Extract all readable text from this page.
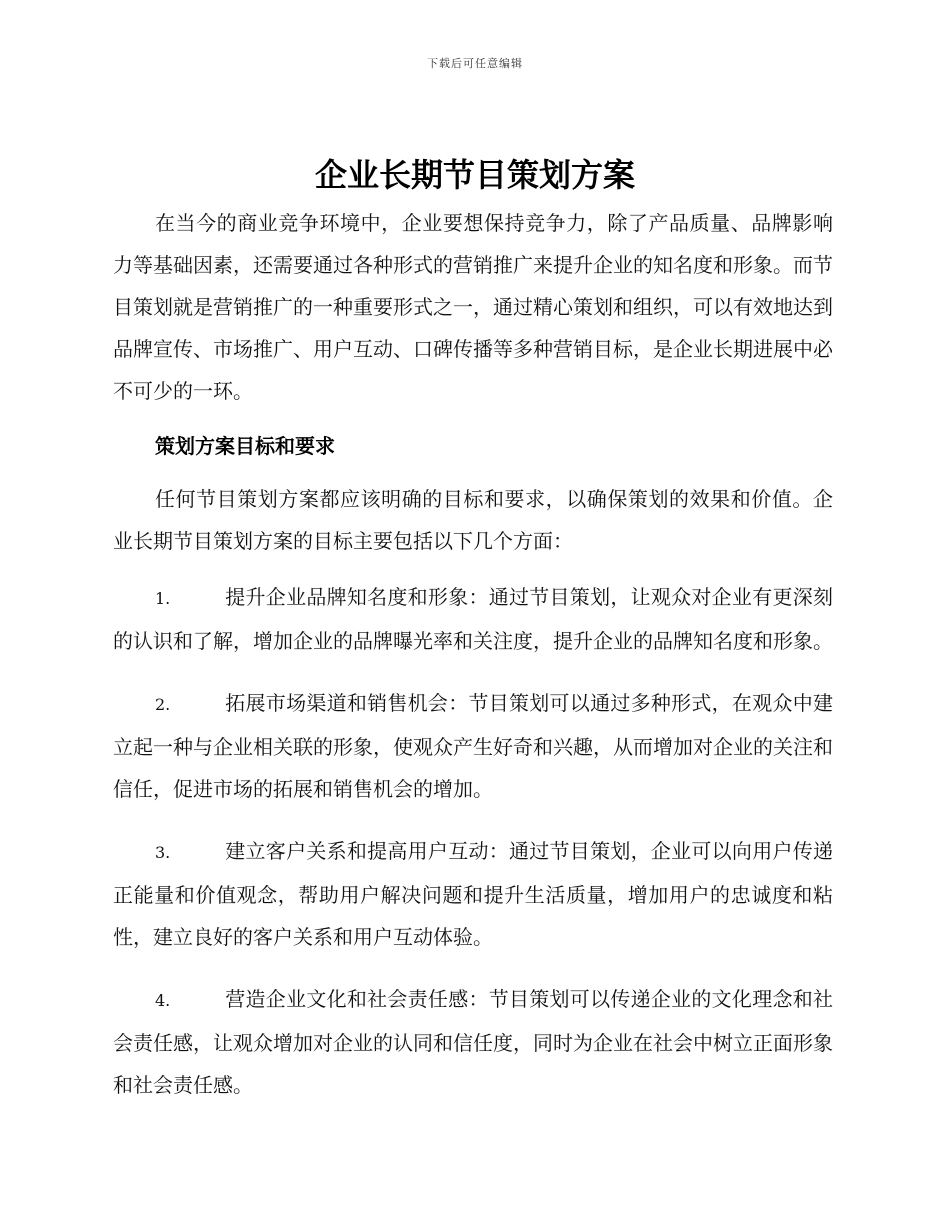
下载后可任意编辑
企业长期节目策划方案

在当今的商业竞争环境中，企业要想保持竞争力，除了产品质量、品牌影响力等基础因素，还需要通过各种形式的营销推广来提升企业的知名度和形象。而节目策划就是营销推广的一种重要形式之一，通过精心策划和组织，可以有效地达到品牌宣传、市场推广、用户互动、口碑传播等多种营销目标，是企业长期进展中必不可少的一环。

策划方案目标和要求

任何节目策划方案都应该明确的目标和要求，以确保策划的效果和价值。企业长期节目策划方案的目标主要包括以下几个方面：

1.	提升企业品牌知名度和形象：通过节目策划，让观众对企业有更深刻的认识和了解，增加企业的品牌曝光率和关注度，提升企业的品牌知名度和形象。
2.	拓展市场渠道和销售机会：节目策划可以通过多种形式，在观众中建立起一种与企业相关联的形象，使观众产生好奇和兴趣，从而增加对企业的关注和信任，促进市场的拓展和销售机会的增加。
3.	建立客户关系和提高用户互动：通过节目策划，企业可以向用户传递正能量和价值观念，帮助用户解决问题和提升生活质量，增加用户的忠诚度和粘性，建立良好的客户关系和用户互动体验。
4.	营造企业文化和社会责任感：节目策划可以传递企业的文化理念和社会责任感，让观众增加对企业的认同和信任度，同时为企业在社会中树立正面形象和社会责任感。
